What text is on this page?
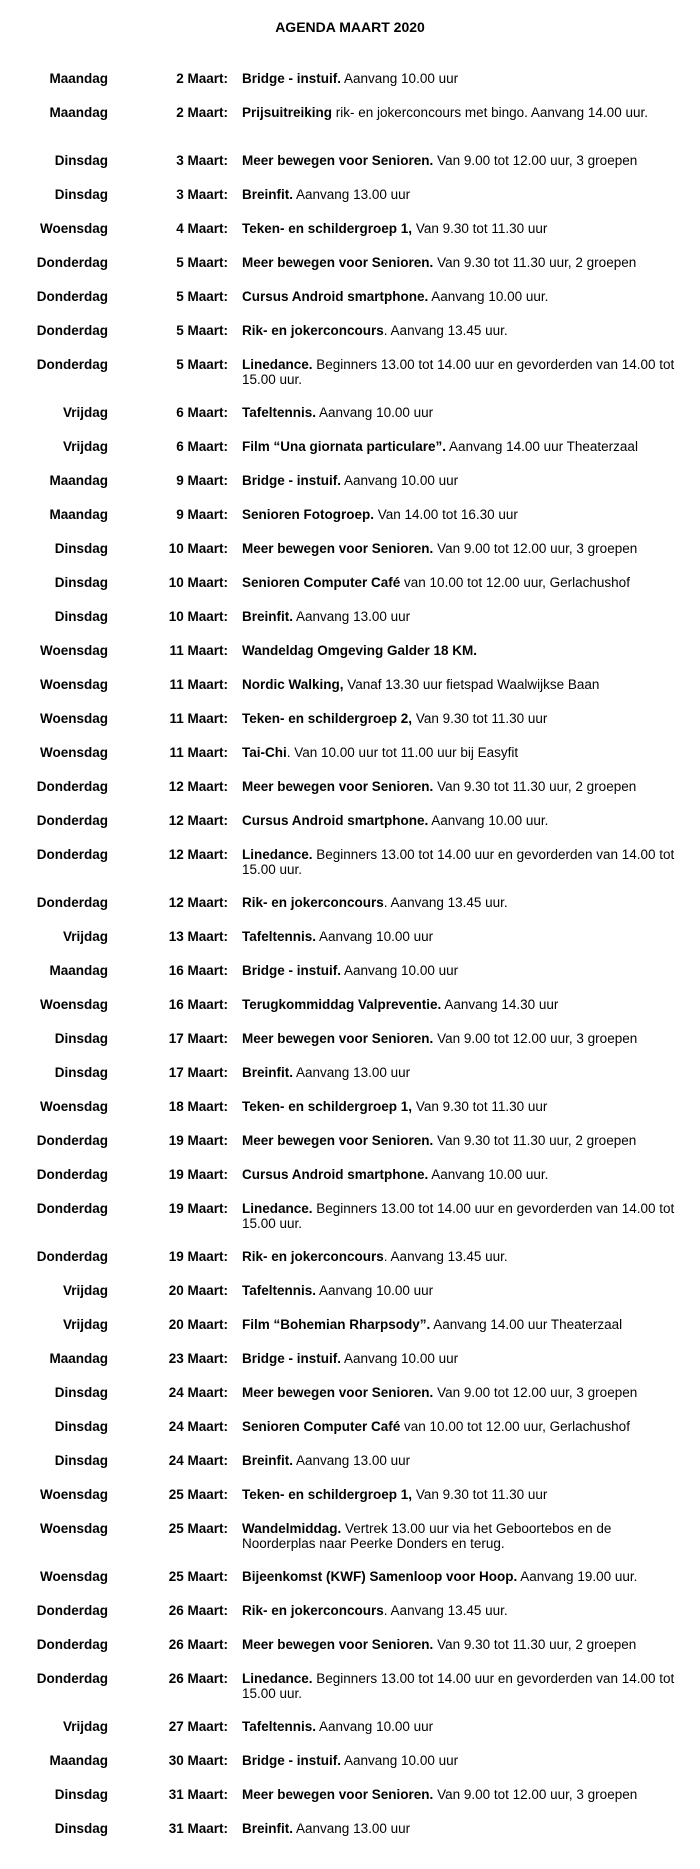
AGENDA MAART 2020
Maandag	2 Maart: Bridge - instuif. Aanvang 10.00 uur
Maandag	2 Maart: Prijsuitreiking rik- en jokerconcours met bingo. Aanvang 14.00 uur.
Dinsdag	3 Maart: Meer bewegen voor Senioren. Van 9.00 tot 12.00 uur, 3 groepen
Dinsdag	3 Maart: Breinfit. Aanvang 13.00 uur
Woensdag	4 Maart: Teken- en schildergroep 1, Van 9.30 tot 11.30 uur
Donderdag	5 Maart: Meer bewegen voor Senioren. Van 9.30 tot 11.30 uur, 2 groepen
Donderdag	5 Maart: Cursus Android smartphone. Aanvang 10.00 uur.
Donderdag	5 Maart: Rik- en jokerconcours. Aanvang 13.45 uur.
Donderdag	5 Maart: Linedance. Beginners 13.00 tot 14.00 uur en gevorderden van 14.00 tot 15.00 uur.
Vrijdag	6 Maart: Tafeltennis. Aanvang 10.00 uur
Vrijdag	6 Maart: Film “Una giornata particulare”. Aanvang 14.00 uur Theaterzaal
Maandag	9 Maart: Bridge - instuif. Aanvang 10.00 uur
Maandag	9 Maart: Senioren Fotogroep. Van 14.00 tot 16.30 uur
Dinsdag	10 Maart: Meer bewegen voor Senioren. Van 9.00 tot 12.00 uur, 3 groepen
Dinsdag	10 Maart: Senioren Computer Café van 10.00 tot 12.00 uur, Gerlachushof
Dinsdag	10 Maart: Breinfit. Aanvang 13.00 uur
Woensdag	11 Maart: Wandeldag Omgeving Galder 18 KM.
Woensdag	11 Maart: Nordic Walking, Vanaf 13.30 uur fietspad Waalwijkse Baan
Woensdag	11 Maart: Teken- en schildergroep 2, Van 9.30 tot 11.30 uur
Woensdag	11 Maart: Tai-Chi. Van 10.00 uur tot 11.00 uur bij Easyfit
Donderdag	12 Maart: Meer bewegen voor Senioren. Van 9.30 tot 11.30 uur, 2 groepen
Donderdag	12 Maart: Cursus Android smartphone. Aanvang 10.00 uur.
Donderdag	12 Maart: Linedance. Beginners 13.00 tot 14.00 uur en gevorderden van 14.00 tot 15.00 uur.
Donderdag	12 Maart: Rik- en jokerconcours. Aanvang 13.45 uur.
Vrijdag	13 Maart: Tafeltennis. Aanvang 10.00 uur
Maandag	16 Maart: Bridge - instuif. Aanvang 10.00 uur
Woensdag	16 Maart: Terugkommiddag Valpreventie. Aanvang 14.30 uur
Dinsdag	17 Maart: Meer bewegen voor Senioren. Van 9.00 tot 12.00 uur, 3 groepen
Dinsdag	17 Maart: Breinfit. Aanvang 13.00 uur
Woensdag	18 Maart: Teken- en schildergroep 1, Van 9.30 tot 11.30 uur
Donderdag	19 Maart: Meer bewegen voor Senioren. Van 9.30 tot 11.30 uur, 2 groepen
Donderdag	19 Maart: Cursus Android smartphone. Aanvang 10.00 uur.
Donderdag	19 Maart: Linedance. Beginners 13.00 tot 14.00 uur en gevorderden van 14.00 tot 15.00 uur.
Donderdag	19 Maart: Rik- en jokerconcours. Aanvang 13.45 uur.
Vrijdag	20 Maart: Tafeltennis. Aanvang 10.00 uur
Vrijdag	20 Maart: Film “Bohemian Rharpsody”. Aanvang 14.00 uur Theaterzaal
Maandag	23 Maart: Bridge - instuif. Aanvang 10.00 uur
Dinsdag	24 Maart: Meer bewegen voor Senioren. Van 9.00 tot 12.00 uur, 3 groepen
Dinsdag	24 Maart: Senioren Computer Café van 10.00 tot 12.00 uur, Gerlachushof
Dinsdag	24 Maart: Breinfit. Aanvang 13.00 uur
Woensdag	25 Maart: Teken- en schildergroep 1, Van 9.30 tot 11.30 uur
Woensdag	25 Maart: Wandelmiddag. Vertrek 13.00 uur via het Geboortebos en de Noorderplas naar Peerke Donders en terug.
Woensdag	25 Maart: Bijeenkomst (KWF) Samenloop voor Hoop. Aanvang 19.00 uur.
Donderdag	26 Maart: Rik- en jokerconcours. Aanvang 13.45 uur.
Donderdag	26 Maart: Meer bewegen voor Senioren. Van 9.30 tot 11.30 uur, 2 groepen
Donderdag	26 Maart: Linedance. Beginners 13.00 tot 14.00 uur en gevorderden van 14.00 tot 15.00 uur.
Vrijdag	27 Maart: Tafeltennis. Aanvang 10.00 uur
Maandag	30 Maart: Bridge - instuif. Aanvang 10.00 uur
Dinsdag	31 Maart: Meer bewegen voor Senioren. Van 9.00 tot 12.00 uur, 3 groepen
Dinsdag	31 Maart: Breinfit. Aanvang 13.00 uur
